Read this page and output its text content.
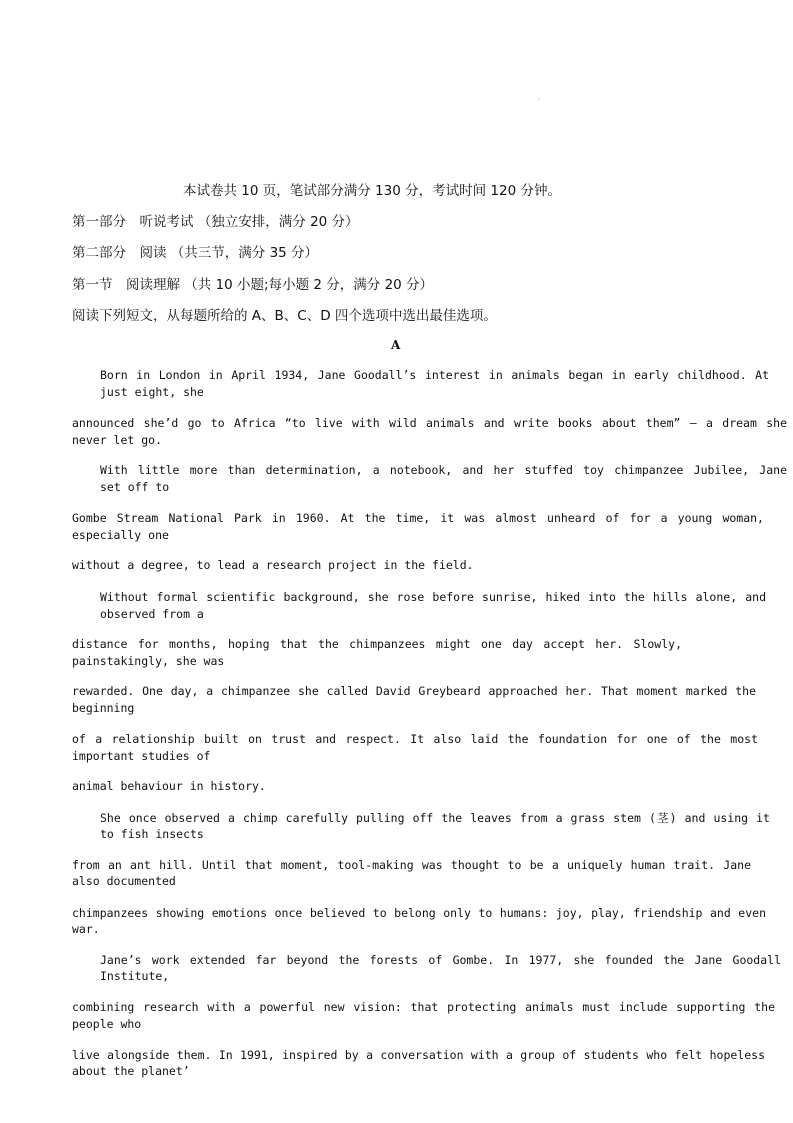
本试卷共 10 页，笔试部分满分 130 分，考试时间 120 分钟。
第一部分　听说考试 （独立安排，满分 20 分）
第二部分　阅读 （共三节，满分 35 分）
第一节　阅读理解 （共 10 小题;每小题 2 分，满分 20 分）
阅读下列短文，从每题所给的 A、B、C、D 四个选项中选出最佳选项。
A
Born in London in April 1934, Jane Goodall’s interest in animals began in early childhood. At
just eight, she
announced she’d go to Africa “to live with wild animals and write books about them” — a dream she
never let go.
With little more than determination, a notebook, and her stuffed toy chimpanzee Jubilee, Jane
set off to
Gombe Stream National Park in 1960. At the time, it was almost unheard of for a young woman,
especially one
without a degree, to lead a research project in the field.
Without formal scientific background, she rose before sunrise, hiked into the hills alone, and
observed from a
distance for months, hoping that the chimpanzees might one day accept her. Slowly,
painstakingly, she was
rewarded. One day, a chimpanzee she called David Greybeard approached her. That moment marked the
beginning
of a relationship built on trust and respect. It also laid the foundation for one of the most
important studies of
animal behaviour in history.
She once observed a chimp carefully pulling off the leaves from a grass stem (茎) and using it
to fish insects
from an ant hill. Until that moment, tool-making was thought to be a uniquely human trait. Jane
also documented
chimpanzees showing emotions once believed to belong only to humans: joy, play, friendship and even
war.
Jane’s work extended far beyond the forests of Gombe. In 1977, she founded the Jane Goodall
Institute,
combining research with a powerful new vision: that protecting animals must include supporting the
people who
live alongside them. In 1991, inspired by a conversation with a group of students who felt hopeless
about the planet’
